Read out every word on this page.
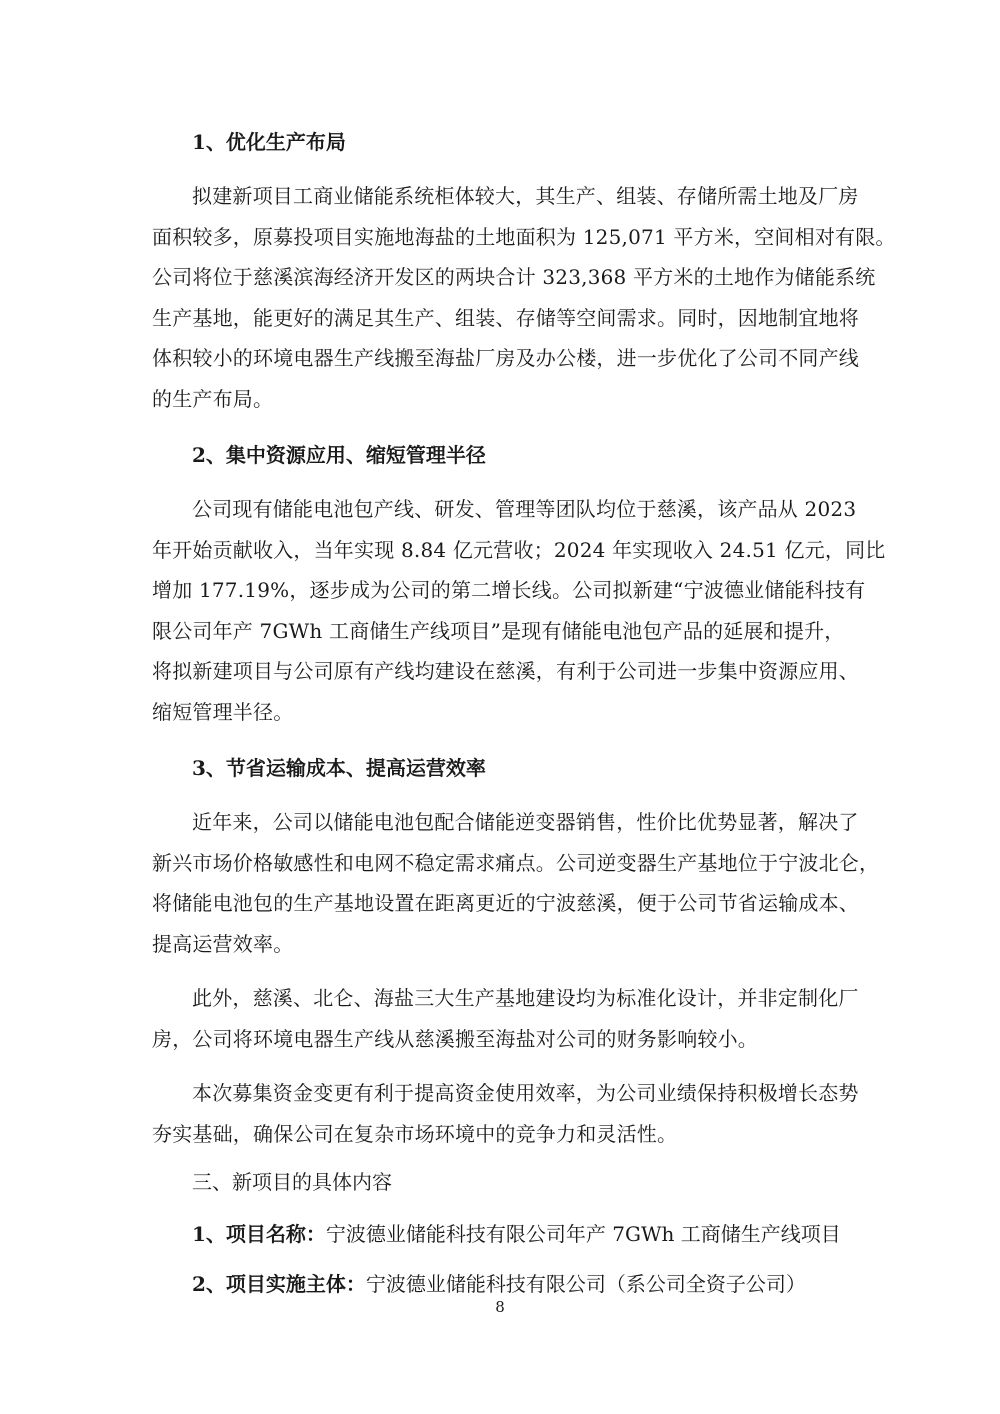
1、优化生产布局

拟建新项目工商业储能系统柜体较大，其生产、组装、存储所需土地及厂房
面积较多，原募投项目实施地海盐的土地面积为 125,071 平方米，空间相对有限。
公司将位于慈溪滨海经济开发区的两块合计 323,368 平方米的土地作为储能系统
生产基地，能更好的满足其生产、组装、存储等空间需求。同时，因地制宜地将
体积较小的环境电器生产线搬至海盐厂房及办公楼，进一步优化了公司不同产线
的生产布局。

2、集中资源应用、缩短管理半径

公司现有储能电池包产线、研发、管理等团队均位于慈溪，该产品从 2023
年开始贡献收入，当年实现 8.84 亿元营收；2024 年实现收入 24.51 亿元，同比
增加 177.19%，逐步成为公司的第二增长线。公司拟新建“宁波德业储能科技有
限公司年产 7GWh 工商储生产线项目”是现有储能电池包产品的延展和提升，
将拟新建项目与公司原有产线均建设在慈溪，有利于公司进一步集中资源应用、
缩短管理半径。

3、节省运输成本、提高运营效率

近年来，公司以储能电池包配合储能逆变器销售，性价比优势显著，解决了
新兴市场价格敏感性和电网不稳定需求痛点。公司逆变器生产基地位于宁波北仑，
将储能电池包的生产基地设置在距离更近的宁波慈溪，便于公司节省运输成本、
提高运营效率。

此外，慈溪、北仑、海盐三大生产基地建设均为标准化设计，并非定制化厂
房，公司将环境电器生产线从慈溪搬至海盐对公司的财务影响较小。

本次募集资金变更有利于提高资金使用效率，为公司业绩保持积极增长态势
夯实基础，确保公司在复杂市场环境中的竞争力和灵活性。

三、新项目的具体内容

1、项目名称：宁波德业储能科技有限公司年产 7GWh 工商储生产线项目

2、项目实施主体：宁波德业储能科技有限公司（系公司全资子公司）

8
